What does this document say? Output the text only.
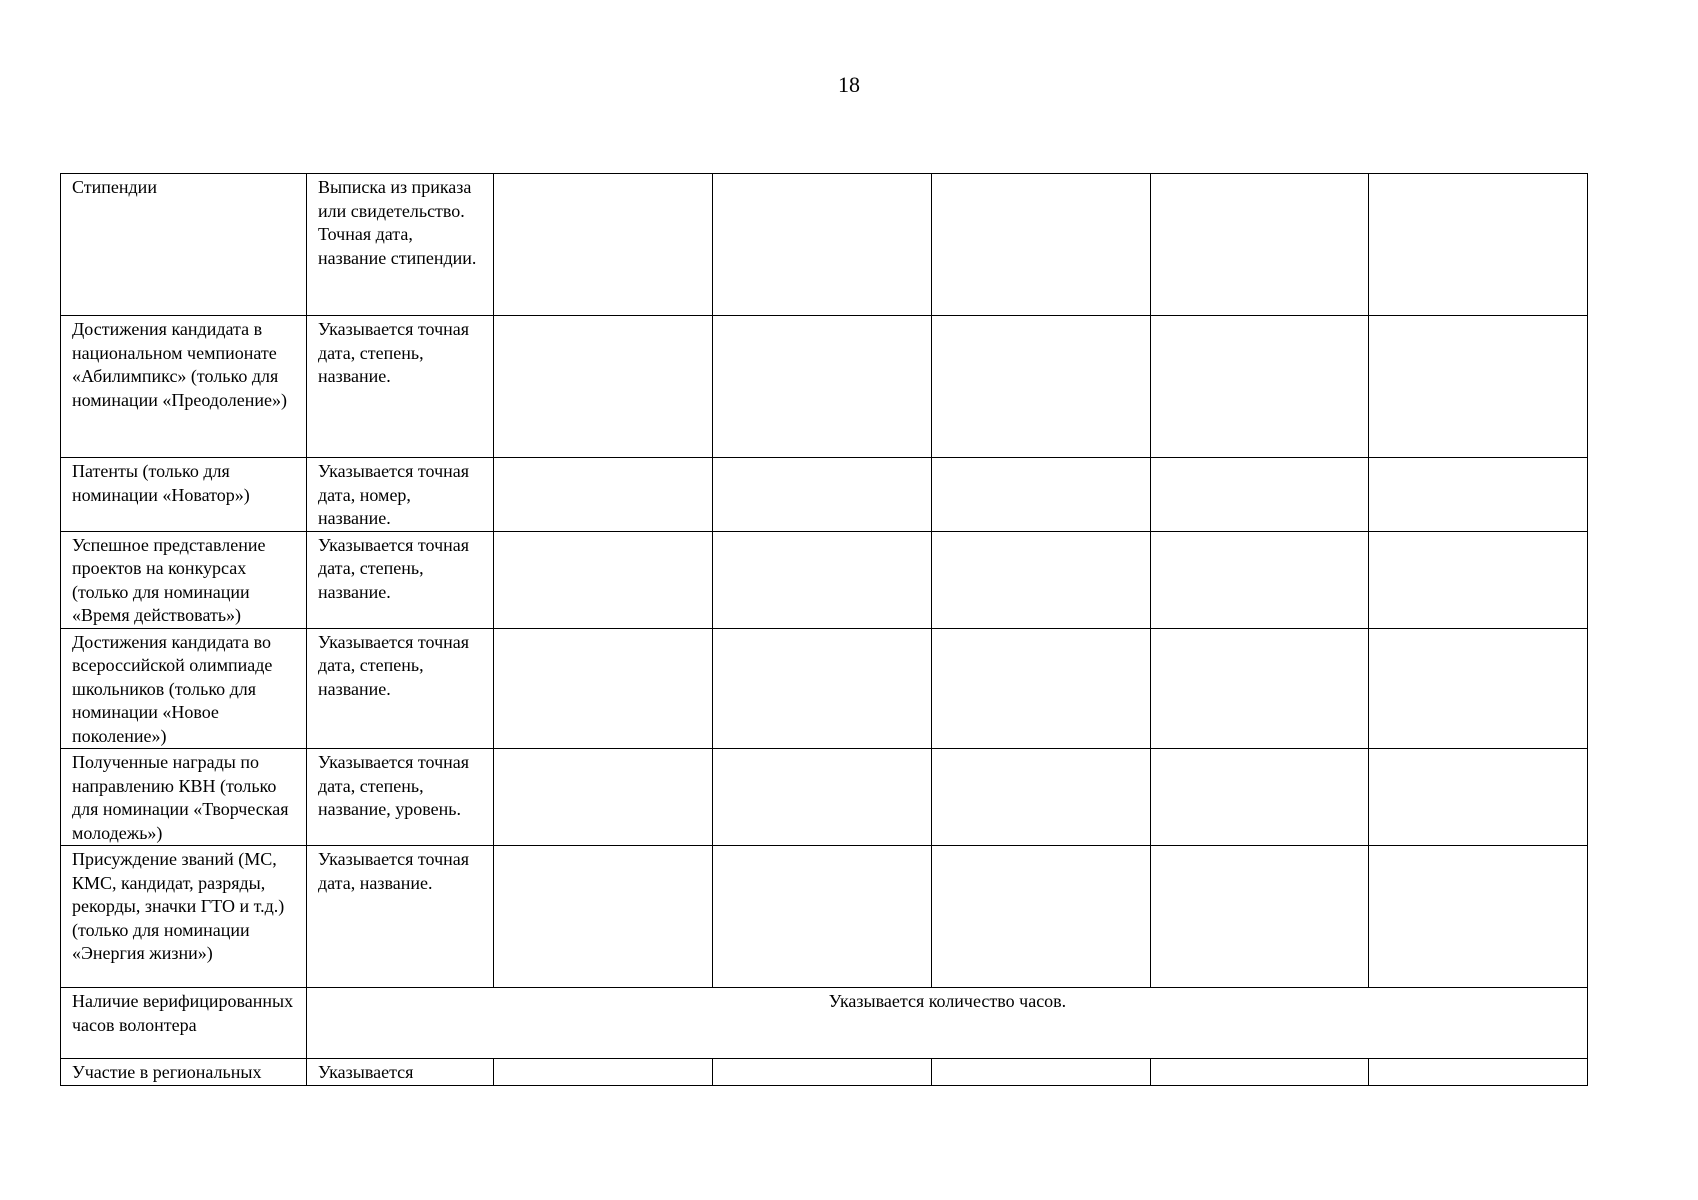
18
Стипендии	Выписка из приказа или свидетельство. Точная дата, название стипендии.					
Достижения кандидата в национальном чемпионате «Абилимпикс» (только для номинации «Преодоление»)	Указывается точная дата, степень, название.					
Патенты (только для номинации «Новатор»)	Указывается точная дата, номер, название.					
Успешное представление проектов на конкурсах (только для номинации «Время действовать»)	Указывается точная дата, степень, название.					
Достижения кандидата во всероссийской олимпиаде школьников (только для номинации «Новое поколение»)	Указывается точная дата, степень, название.					
Полученные награды по направлению КВН (только для номинации «Творческая молодежь»)	Указывается точная дата, степень, название, уровень.					
Присуждение званий (МС, КМС, кандидат, разряды, рекорды, значки ГТО и т.д.) (только для номинации «Энергия жизни»)	Указывается точная дата, название.					
Наличие верифицированных часов волонтера	Указывается количество часов.					
Участие в региональных	Указывается					
